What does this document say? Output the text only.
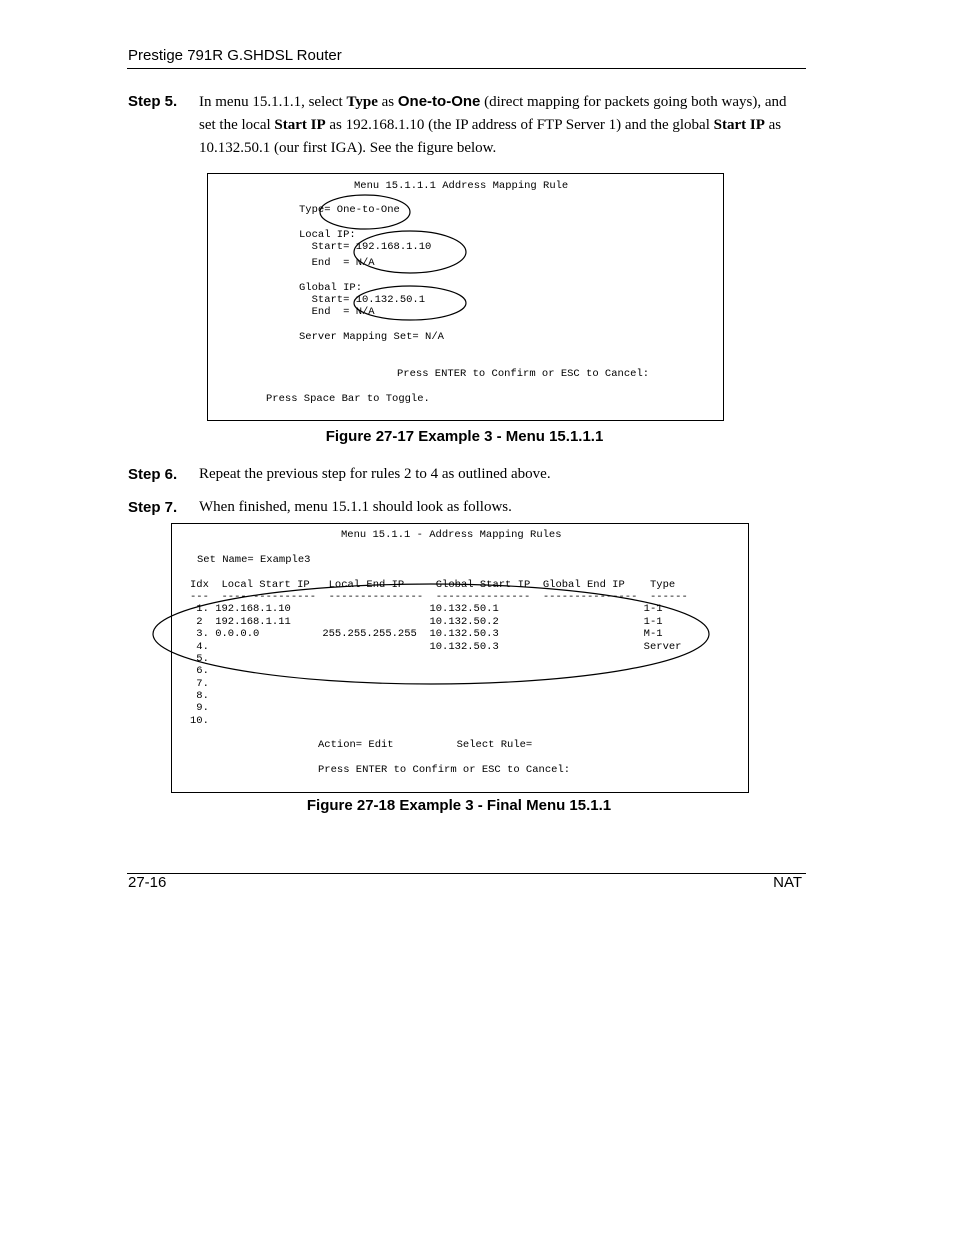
Prestige 791R G.SHDSL Router
Step 5. In menu 15.1.1.1, select Type as One-to-One (direct mapping for packets going both ways), and set the local Start IP as 192.168.1.10 (the IP address of FTP Server 1) and the global Start IP as 10.132.50.1 (our first IGA). See the figure below.
Menu 15.1.1.1 Address Mapping Rule
Type= One-to-One
Local IP:
Start= 192.168.1.10
End  = N/A
Global IP:
Start= 10.132.50.1
End  = N/A
Server Mapping Set= N/A
Press ENTER to Confirm or ESC to Cancel:
Press Space Bar to Toggle.
Figure 27-17 Example 3 - Menu 15.1.1.1
Step 6. Repeat the previous step for rules 2 to 4 as outlined above.
Step 7. When finished, menu 15.1.1 should look as follows.
Menu 15.1.1 - Address Mapping Rules
Set Name= Example3
Idx  Local Start IP   Local End IP     Global Start IP  Global End IP    Type
---  ---------------  ---------------  ---------------  ---------------  ------
1. 192.168.1.10                      10.132.50.1                       1-1
2  192.168.1.11                      10.132.50.2                       1-1
3. 0.0.0.0          255.255.255.255  10.132.50.3                       M-1
4.                                   10.132.50.3                       Server
5.
6.
7.
8.
9.
10.
Action= Edit          Select Rule=
Press ENTER to Confirm or ESC to Cancel:
Figure 27-18 Example 3 - Final Menu 15.1.1
27-16	NAT
